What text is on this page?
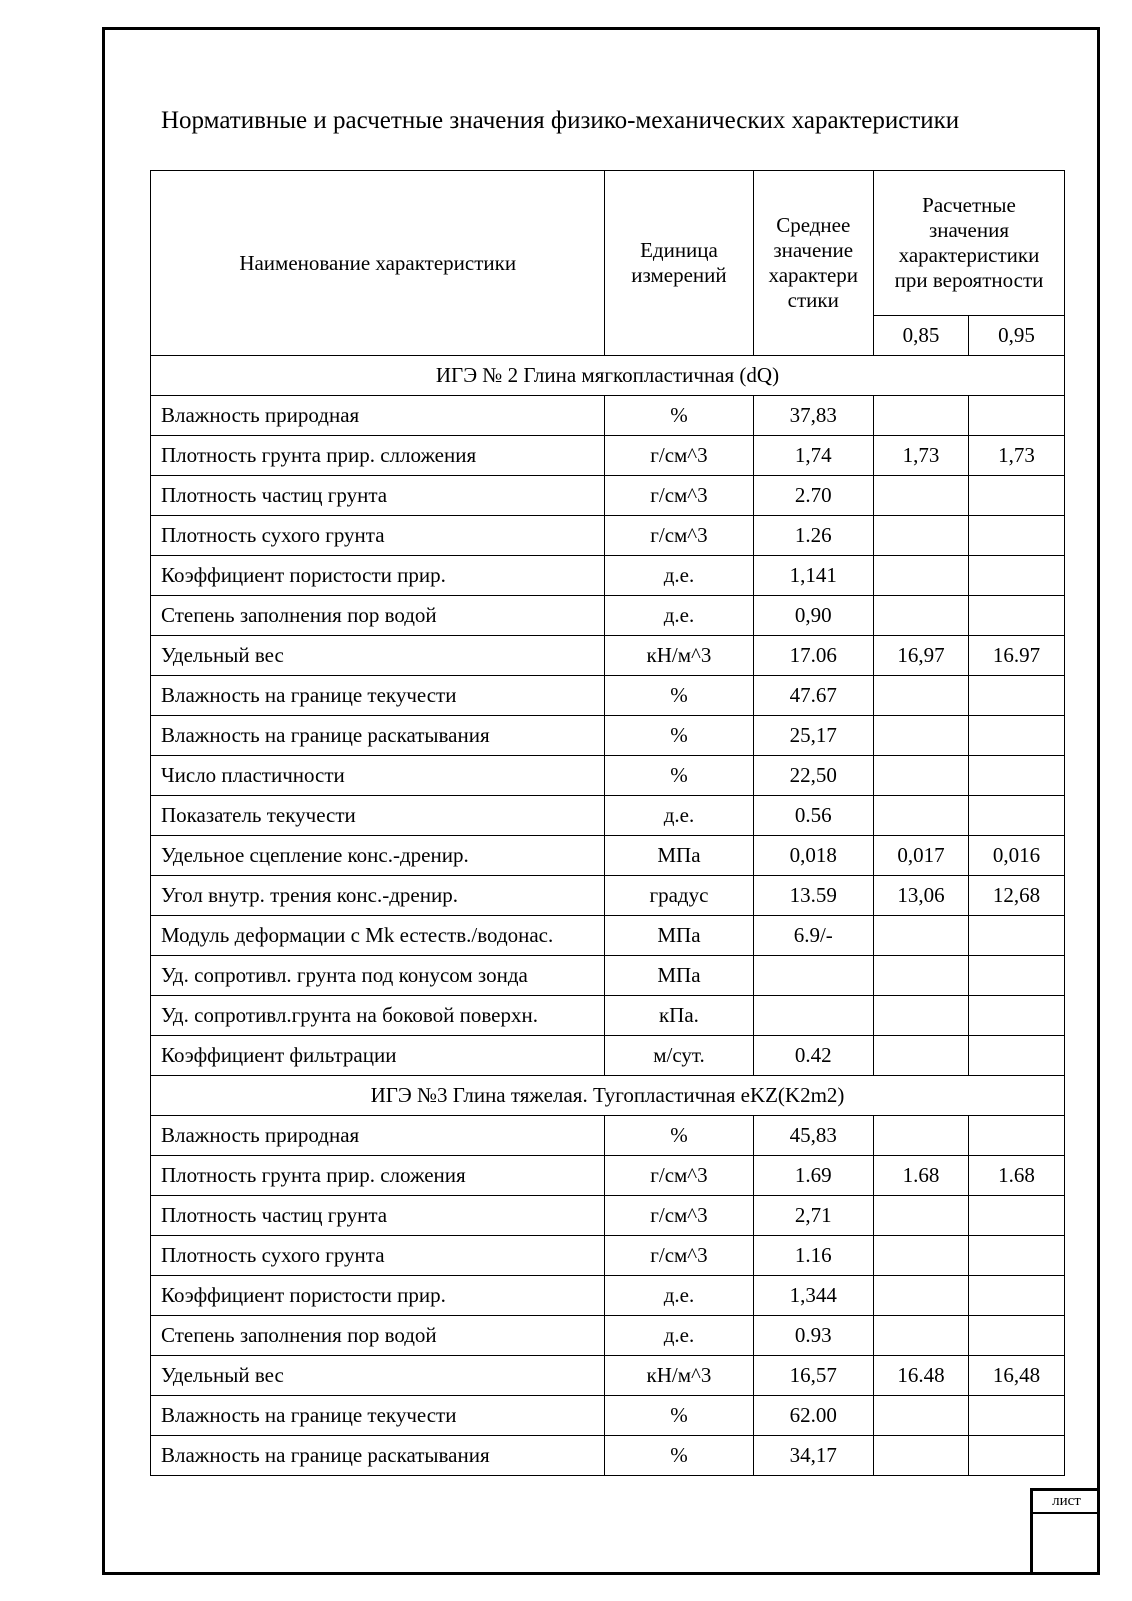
Нормативные и расчетные значения физико-механических характеристики
Наименование характеристики	Единица измерений	Среднее значение характери стики	Расчетные значения характеристики при вероятности	
			0,85	0,95
ИГЭ № 2 Глина мягкопластичная (dQ)				
Влажность природная	%	37,83		
Плотность грунта прир. слложения	г/см^3	1,74	1,73	1,73
Плотность частиц грунта	г/см^3	2.70		
Плотность сухого грунта	г/см^3	1.26		
Коэффициент пористости прир.	д.е.	1,141		
Степень заполнения пор водой	д.е.	0,90		
Удельный вес	кН/м^3	17.06	16,97	16.97
Влажность на границе текучести	%	47.67		
Влажность на границе раскатывания	%	25,17		
Число пластичности	%	22,50		
Показатель текучести	д.е.	0.56		
Удельное сцепление конс.-дренир.	МПа	0,018	0,017	0,016
Угол внутр. трения конс.-дренир.	градус	13.59	13,06	12,68
Модуль деформации с Mk естеств./водонас.	МПа	6.9/-		
Уд. сопротивл. грунта под конусом зонда	МПа			
Уд. сопротивл.грунта на боковой поверхн.	кПа.			
Коэффициент фильтрации	м/сут.	0.42		
ИГЭ №3 Глина тяжелая. Тугопластичная eKZ(K2m2)				
Влажность природная	%	45,83		
Плотность грунта прир. сложения	г/см^3	1.69	1.68	1.68
Плотность частиц грунта	г/см^3	2,71		
Плотность сухого грунта	г/см^3	1.16		
Коэффициент пористости прир.	д.е.	1,344		
Степень заполнения пор водой	д.е.	0.93		
Удельный вес	кН/м^3	16,57	16.48	16,48
Влажность на границе текучести	%	62.00		
Влажность на границе раскатывания	%	34,17		
лист
